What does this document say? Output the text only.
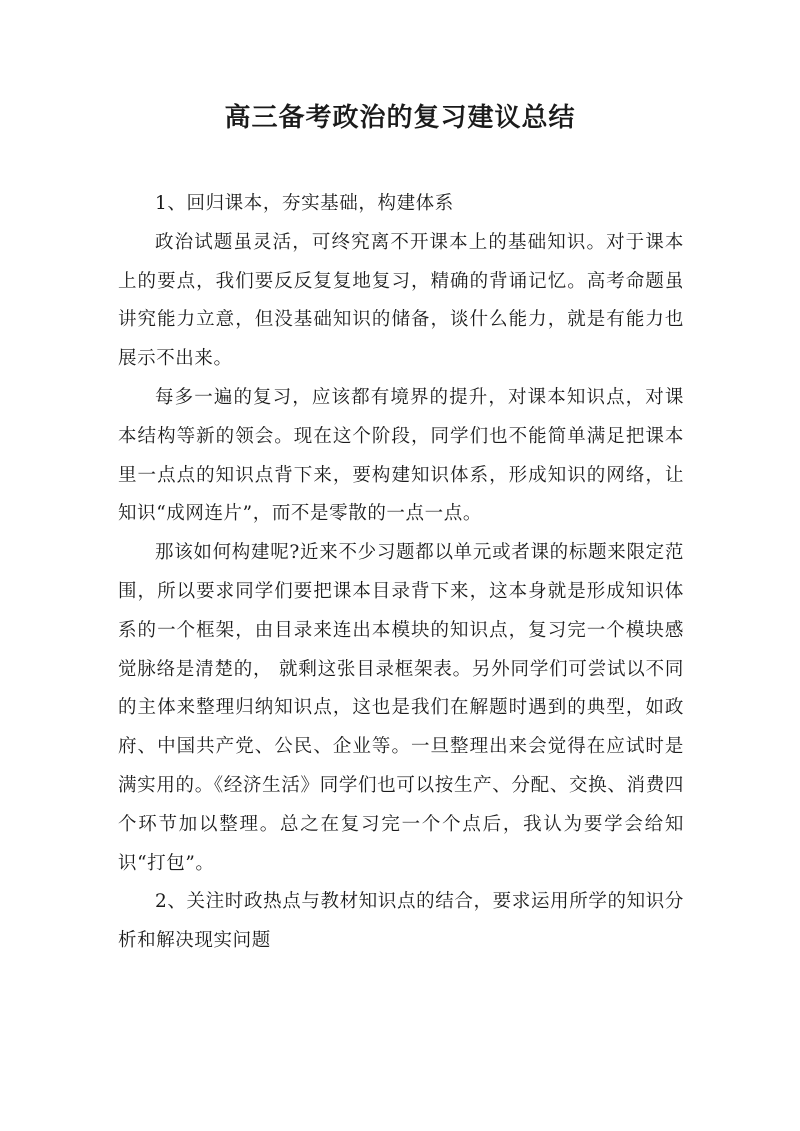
高三备考政治的复习建议总结

1、回归课本，夯实基础，构建体系

政治试题虽灵活，可终究离不开课本上的基础知识。对于课本上的要点，我们要反反复复地复习，精确的背诵记忆。高考命题虽讲究能力立意，但没基础知识的储备，谈什么能力，就是有能力也展示不出来。

每多一遍的复习，应该都有境界的提升，对课本知识点，对课本结构等新的领会。现在这个阶段，同学们也不能简单满足把课本里一点点的知识点背下来，要构建知识体系，形成知识的网络，让知识“成网连片”，而不是零散的一点一点。

那该如何构建呢?近来不少习题都以单元或者课的标题来限定范围，所以要求同学们要把课本目录背下来，这本身就是形成知识体系的一个框架，由目录来连出本模块的知识点，复习完一个模块感觉脉络是清楚的， 就剩这张目录框架表。另外同学们可尝试以不同的主体来整理归纳知识点，这也是我们在解题时遇到的典型，如政府、中国共产党、公民、企业等。一旦整理出来会觉得在应试时是满实用的。《经济生活》同学们也可以按生产、分配、交换、消费四个环节加以整理。总之在复习完一个个点后，我认为要学会给知识“打包”。

2、关注时政热点与教材知识点的结合，要求运用所学的知识分析和解决现实问题
